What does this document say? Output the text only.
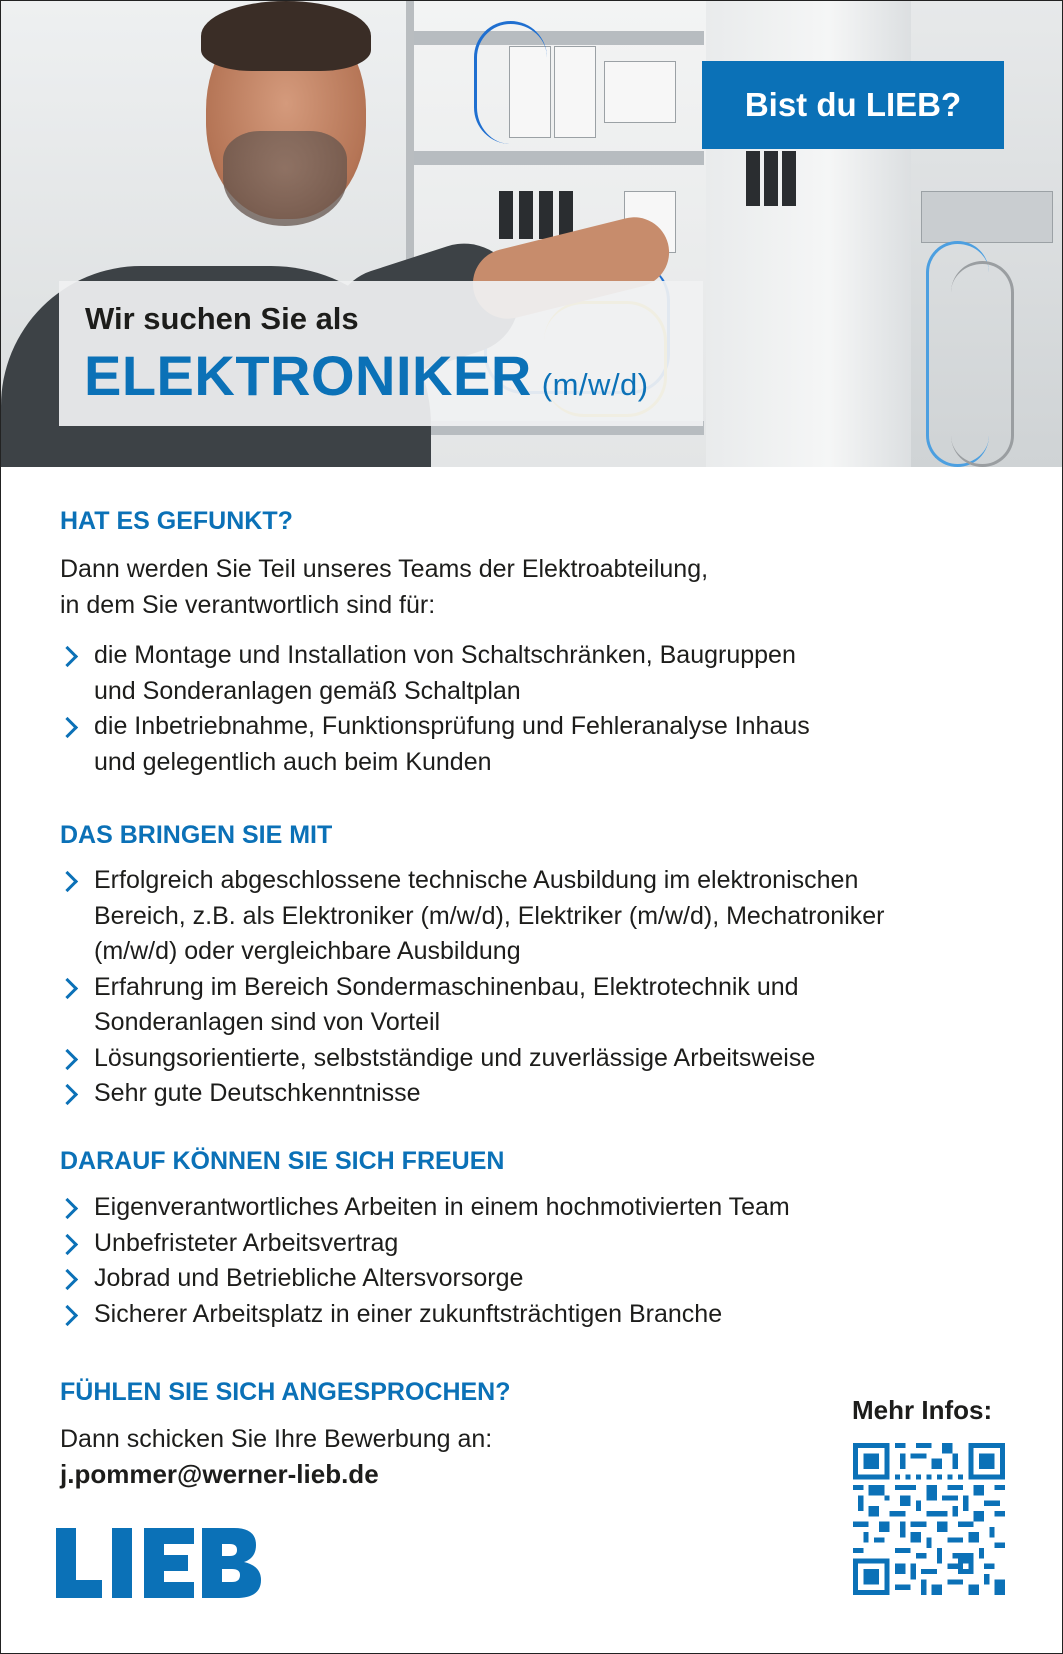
Bist du LIEB?
Wir suchen Sie als
ELEKTRONIKER (m/w/d)
HAT ES GEFUNKT?

Dann werden Sie Teil unseres Teams der Elektroabteilung,
in dem Sie verantwortlich sind für:

die Montage und Installation von Schaltschränken, Baugruppen
und Sonderanlagen gemäß Schaltplan
die Inbetriebnahme, Funktionsprüfung und Fehleranalyse Inhaus
und gelegentlich auch beim Kunden
DAS BRINGEN SIE MIT
Erfolgreich abgeschlossene technische Ausbildung im elektronischen
Bereich, z.B. als Elektroniker (m/w/d), Elektriker (m/w/d), Mechatroniker
(m/w/d) oder vergleichbare Ausbildung
Erfahrung im Bereich Sondermaschinenbau, Elektrotechnik und
Sonderanlagen sind von Vorteil
Lösungsorientierte, selbstständige und zuverlässige Arbeitsweise
Sehr gute Deutschkenntnisse
DARAUF KÖNNEN SIE SICH FREUEN
Eigenverantwortliches Arbeiten in einem hochmotivierten Team
Unbefristeter Arbeitsvertrag
Jobrad und Betriebliche Altersvorsorge
Sicherer Arbeitsplatz in einer zukunftsträchtigen Branche
FÜHLEN SIE SICH ANGESPROCHEN?

Dann schicken Sie Ihre Bewerbung an:

j.pommer@werner-lieb.de
Mehr Infos:
